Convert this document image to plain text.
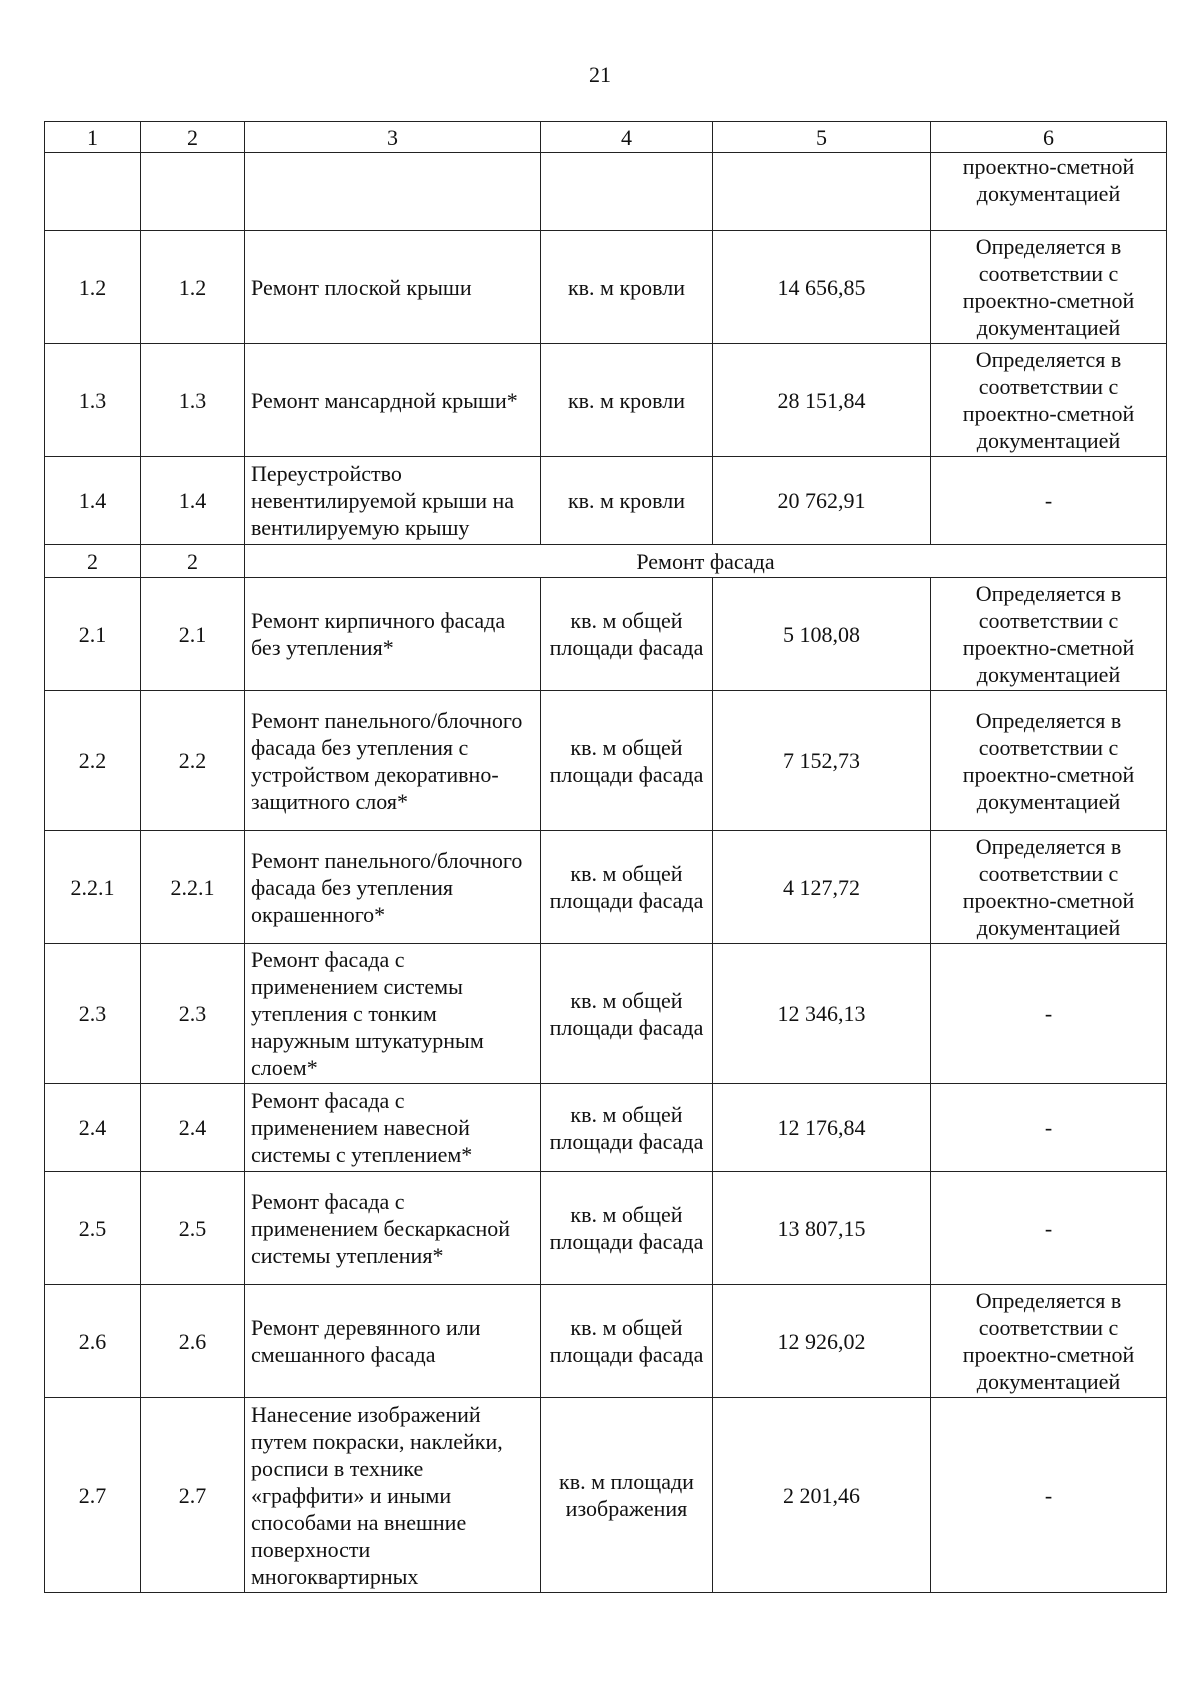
21
1	2	3	4	5	6
					проектно-сметной документацией
1.2	1.2	Ремонт плоской крыши	кв. м кровли	14 656,85	Определяется в соответствии с проектно-сметной документацией
1.3	1.3	Ремонт мансардной крыши*	кв. м кровли	28 151,84	Определяется в соответствии с проектно-сметной документацией
1.4	1.4	Переустройство невентилируемой крыши на вентилируемую крышу	кв. м кровли	20 762,91	-
2	2	Ремонт фасада			
2.1	2.1	Ремонт кирпичного фасада без утепления*	кв. м общей площади фасада	5 108,08	Определяется в соответствии с проектно-сметной документацией
2.2	2.2	Ремонт панельного/блочного фасада без утепления с устройством декоративно-защитного слоя*	кв. м общей площади фасада	7 152,73	Определяется в соответствии с проектно-сметной документацией
2.2.1	2.2.1	Ремонт панельного/блочного фасада без утепления окрашенного*	кв. м общей площади фасада	4 127,72	Определяется в соответствии с проектно-сметной документацией
2.3	2.3	Ремонт фасада с применением системы утепления с тонким наружным штукатурным слоем*	кв. м общей площади фасада	12 346,13	-
2.4	2.4	Ремонт фасада с применением навесной системы с утеплением*	кв. м общей площади фасада	12 176,84	-
2.5	2.5	Ремонт фасада с применением бескаркасной системы утепления*	кв. м общей площади фасада	13 807,15	-
2.6	2.6	Ремонт деревянного или смешанного фасада	кв. м общей площади фасада	12 926,02	Определяется в соответствии с проектно-сметной документацией
2.7	2.7	Нанесение изображений путем покраски, наклейки, росписи в технике «граффити» и иными способами на внешние поверхности многоквартирных	кв. м площади изображения	2 201,46	-
